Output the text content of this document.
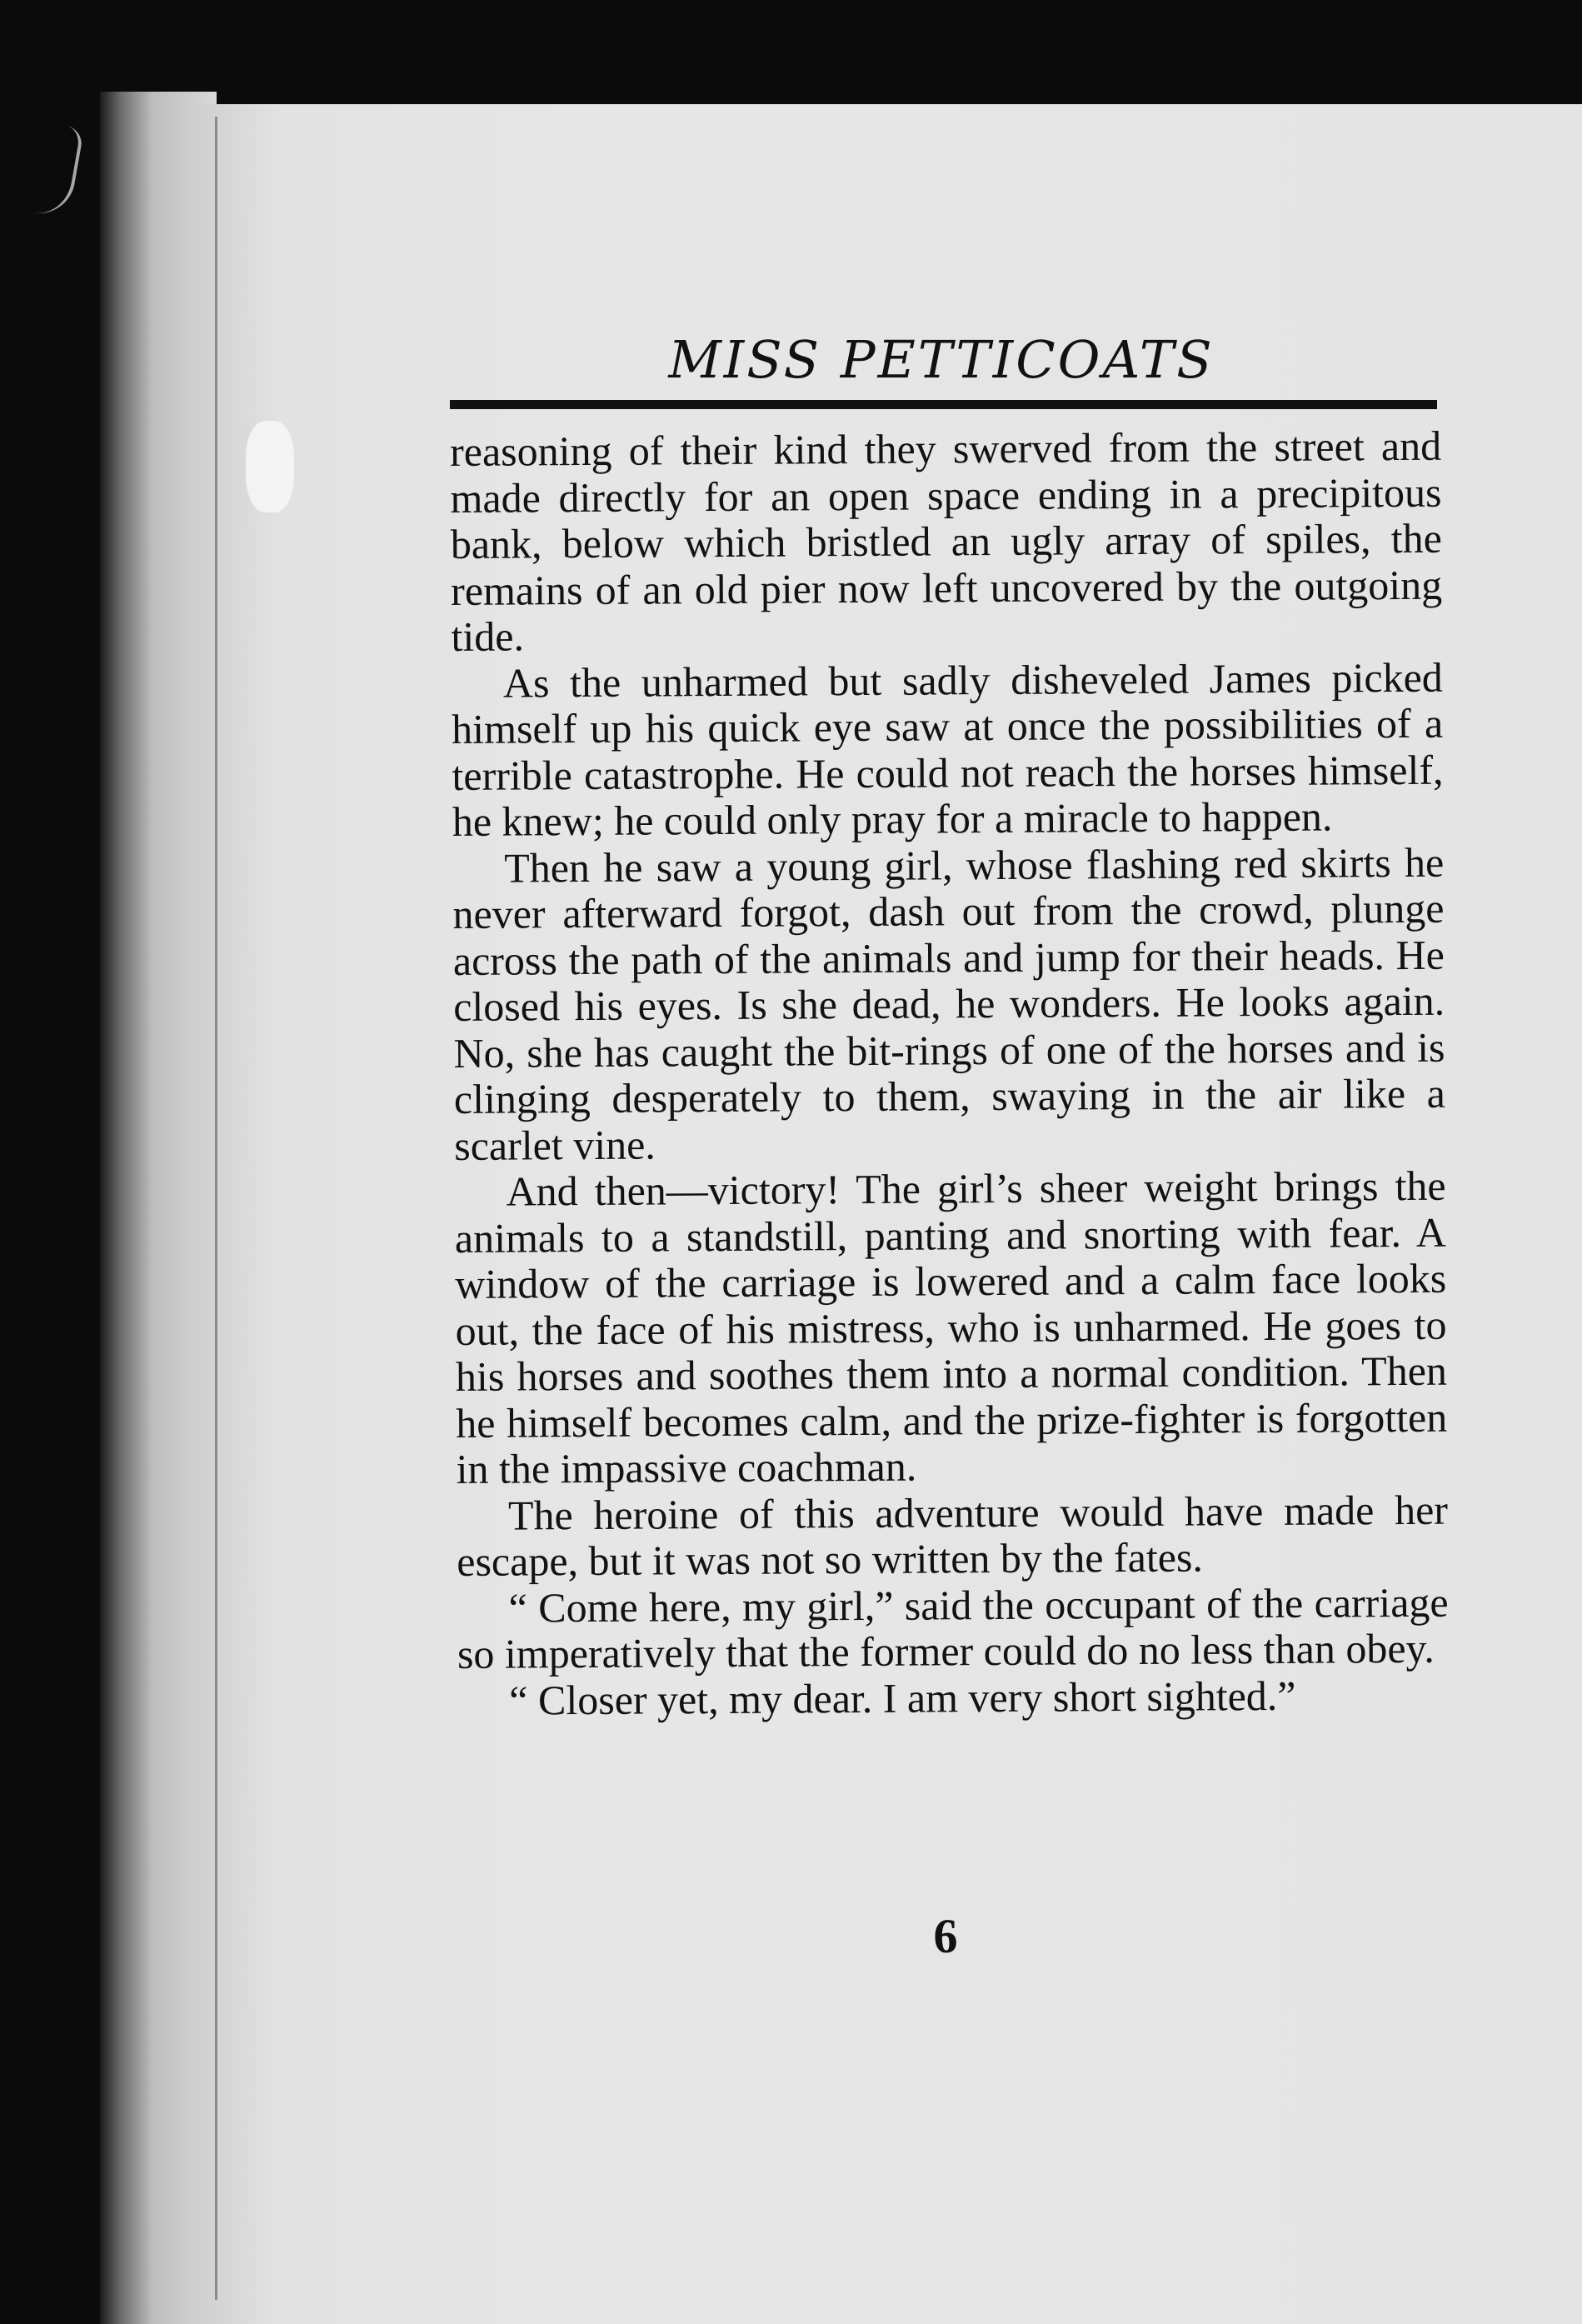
MISS PETTICOATS

reasoning of their kind they swerved from the street and made directly for an open space ending in a precipitous bank, below which bristled an ugly array of spiles, the remains of an old pier now left uncovered by the outgoing tide.

As the unharmed but sadly disheveled James picked himself up his quick eye saw at once the possibilities of a terrible catastrophe. He could not reach the horses himself, he knew; he could only pray for a miracle to happen.

Then he saw a young girl, whose flashing red skirts he never afterward forgot, dash out from the crowd, plunge across the path of the animals and jump for their heads. He closed his eyes. Is she dead, he wonders. He looks again. No, she has caught the bit-rings of one of the horses and is clinging desperately to them, swaying in the air like a scarlet vine.

And then—victory! The girl’s sheer weight brings the animals to a standstill, panting and snorting with fear. A window of the carriage is lowered and a calm face looks out, the face of his mistress, who is unharmed. He goes to his horses and soothes them into a normal condition. Then he himself becomes calm, and the prize-fighter is forgotten in the impassive coachman.

The heroine of this adventure would have made her escape, but it was not so written by the fates.

“ Come here, my girl,” said the occupant of the carriage so imperatively that the former could do no less than obey.

“ Closer yet, my dear. I am very short sighted.”

6
